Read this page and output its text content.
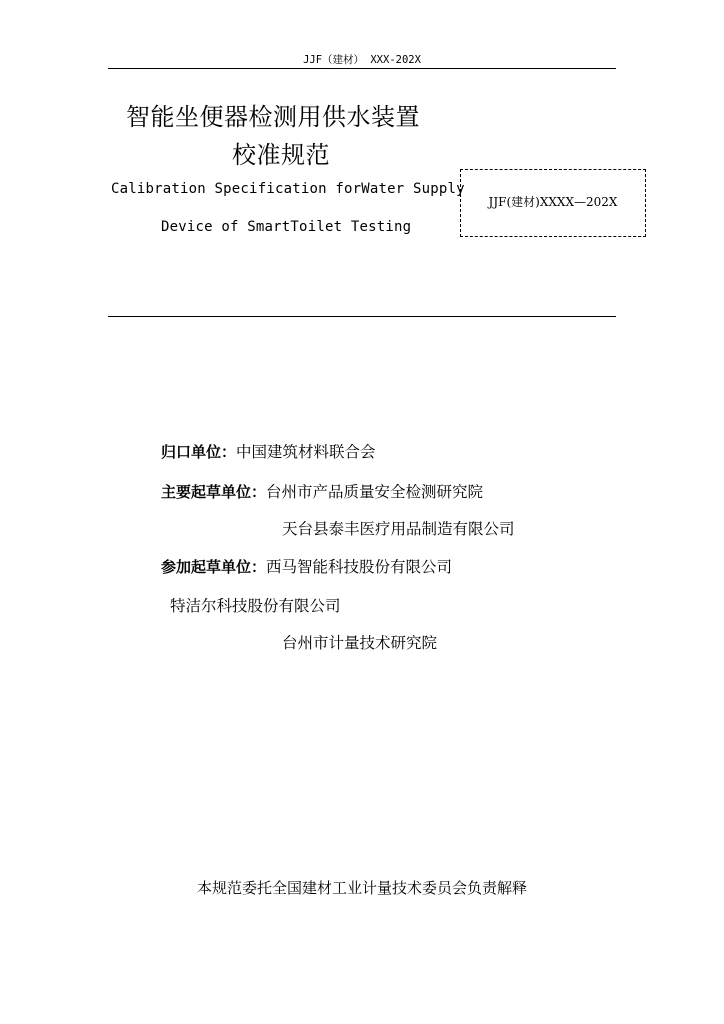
JJF（建材） XXX-202X
智能坐便器检测用供水装置
校准规范
Calibration Specification forWater Supply
Device of SmartToilet Testing
JJF(建材)XXXX—202X
归口单位：中国建筑材料联合会
主要起草单位：台州市产品质量安全检测研究院
天台县泰丰医疗用品制造有限公司
参加起草单位：西马智能科技股份有限公司
特洁尔科技股份有限公司
台州市计量技术研究院
本规范委托全国建材工业计量技术委员会负责解释
